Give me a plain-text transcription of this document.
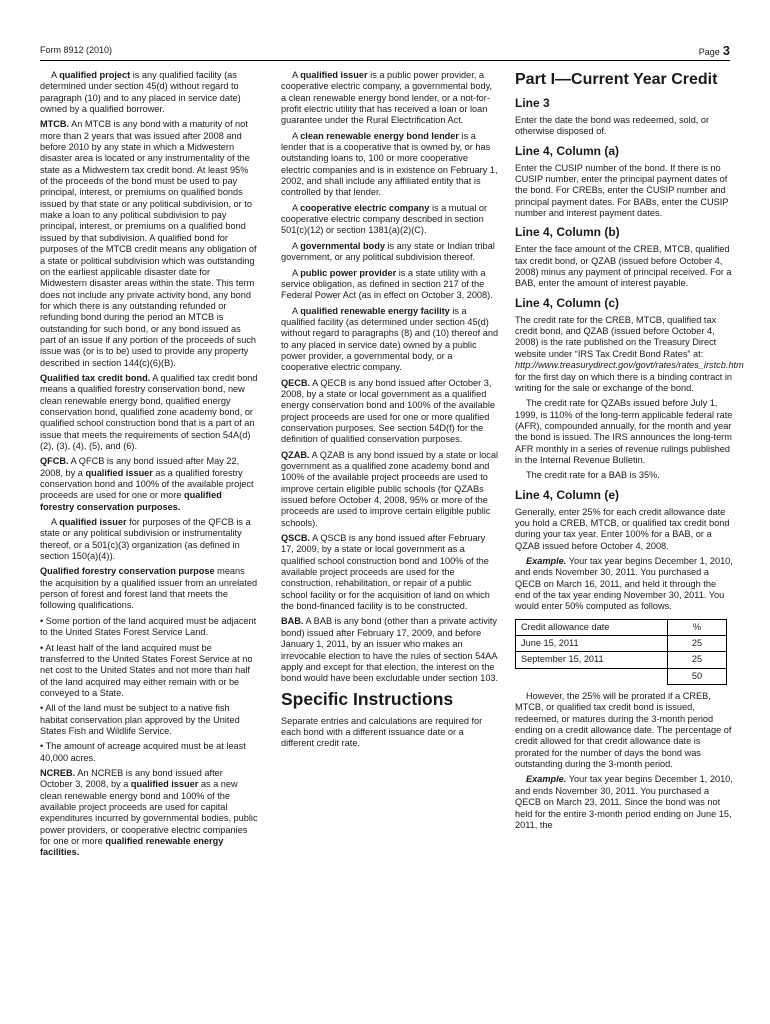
Form 8912 (2010)	Page 3

A qualified project is any qualified facility (as determined under section 45(d) without regard to paragraph (10) and to any placed in service date) owned by a qualified borrower.

MTCB. An MTCB is any bond with a maturity of not more than 2 years that was issued after 2008 and before 2010 by any state in which a Midwestern disaster area is located or any instrumentality of the state as a Midwestern tax credit bond. At least 95% of the proceeds of the bond must be used to pay principal, interest, or premiums on qualified bonds issued by that state or any political subdivision, or to make a loan to any political subdivision to pay principal, interest, or premiums on a qualified bond issued by that subdivision. A qualified bond for purposes of the MTCB credit means any obligation of a state or political subdivision which was outstanding on the earliest applicable disaster date for Midwestern disaster areas within the state. This term does not include any private activity bond, any bond for which there is any outstanding refunded or refunding bond during the period an MTCB is outstanding for such bond, or any bond issued as part of an issue if any portion of the proceeds of such issue was (or is to be) used to provide any property described in section 144(c)(6)(B).

Qualified tax credit bond. A qualified tax credit bond means a qualified forestry conservation bond, new clean renewable energy bond, qualified energy conservation bond, qualified zone academy bond, or qualified school construction bond that is a part of an issue that meets the requirements of section 54A(d)(2), (3), (4), (5), and (6).

QFCB. A QFCB is any bond issued after May 22, 2008, by a qualified issuer as a qualified forestry conservation bond and 100% of the available project proceeds are used for one or more qualified forestry conservation purposes.

A qualified issuer for purposes of the QFCB is a state or any political subdivision or instrumentality thereof, or a 501(c)(3) organization (as defined in section 150(a)(4)).

Qualified forestry conservation purpose means the acquisition by a qualified issuer from an unrelated person of forest and forest land that meets the following qualifications.

• Some portion of the land acquired must be adjacent to the United States Forest Service Land.

• At least half of the land acquired must be transferred to the United States Forest Service at no net cost to the United States and not more than half of the land acquired may either remain with or be conveyed to a State.

• All of the land must be subject to a native fish habitat conservation plan approved by the United States Fish and Wildlife Service.

• The amount of acreage acquired must be at least 40,000 acres.

NCREB. An NCREB is any bond issued after October 3, 2008, by a qualified issuer as a new clean renewable energy bond and 100% of the available project proceeds are used for capital expenditures incurred by governmental bodies, public power providers, or cooperative electric companies for one or more qualified renewable energy facilities.

A qualified issuer is a public power provider, a cooperative electric company, a governmental body, a clean renewable energy bond lender, or a not-for-profit electric utility that has received a loan or loan guarantee under the Rural Electrification Act.

A clean renewable energy bond lender is a lender that is a cooperative that is owned by, or has outstanding loans to, 100 or more cooperative electric companies and is in existence on February 1, 2002, and shall include any affiliated entity that is controlled by that lender.

A cooperative electric company is a mutual or cooperative electric company described in section 501(c)(12) or section 1381(a)(2)(C).

A governmental body is any state or Indian tribal government, or any political subdivision thereof.

A public power provider is a state utility with a service obligation, as defined in section 217 of the Federal Power Act (as in effect on October 3, 2008).

A qualified renewable energy facility is a qualified facility (as determined under section 45(d) without regard to paragraphs (8) and (10) thereof and to any placed in service date) owned by a public power provider, a governmental body, or a cooperative electric company.

QECB. A QECB is any bond issued after October 3, 2008, by a state or local government as a qualified energy conservation bond and 100% of the available project proceeds are used for one or more qualified conservation purposes. See section 54D(f) for the definition of qualified conservation purposes.

QZAB. A QZAB is any bond issued by a state or local government as a qualified zone academy bond and 100% of the available project proceeds are used to improve certain eligible public schools (for QZABs issued before October 4, 2008, 95% or more of the proceeds are used to improve certain eligible public schools).

QSCB. A QSCB is any bond issued after February 17, 2009, by a state or local government as a qualified school construction bond and 100% of the available project proceeds are used for the construction, rehabilitation, or repair of a public school facility or for the acquisition of land on which the bond-financed facility is to be constructed.

BAB. A BAB is any bond (other than a private activity bond) issued after February 17, 2009, and before January 1, 2011, by an issuer who makes an irrevocable election to have the rules of section 54AA apply and except for that election, the interest on the bond would have been excludable under section 103.

Specific Instructions

Separate entries and calculations are required for each bond with a different issuance date or a different credit rate.

Part I—Current Year Credit
Line 3

Enter the date the bond was redeemed, sold, or otherwise disposed of.

Line 4, Column (a)

Enter the CUSIP number of the bond. If there is no CUSIP number, enter the principal payment dates of the bond. For CREBs, enter the CUSIP number and principal payment dates. For BABs, enter the CUSIP number and interest payment dates.

Line 4, Column (b)

Enter the face amount of the CREB, MTCB, qualified tax credit bond, or QZAB (issued before October 4, 2008) minus any payment of principal received. For a BAB, enter the amount of interest payable.

Line 4, Column (c)

The credit rate for the CREB, MTCB, qualified tax credit bond, and QZAB (issued before October 4, 2008) is the rate published on the Treasury Direct website under “IRS Tax Credit Bond Rates” at: http://www.treasurydirect.gov/govt/rates/rates_irstcb.htm for the first day on which there is a binding contract in writing for the sale or exchange of the bond.

The credit rate for QZABs issued before July 1, 1999, is 110% of the long-term applicable federal rate (AFR), compounded annually, for the month and year the bond is issued. The IRS announces the long-term AFR monthly in a series of revenue rulings published in the Internal Revenue Bulletin.

The credit rate for a BAB is 35%.

Line 4, Column (e)

Generally, enter 25% for each credit allowance date you hold a CREB, MTCB, or qualified tax credit bond during your tax year. Enter 100% for a BAB, or a QZAB issued before October 4, 2008.

Example. Your tax year begins December 1, 2010, and ends November 30, 2011. You purchased a QECB on March 16, 2011, and held it through the end of the tax year ending November 30, 2011. You would enter 50% computed as follows.

Credit allowance date	%
June 15, 2011	25
September 15, 2011	25
	50

However, the 25% will be prorated if a CREB, MTCB, or qualified tax credit bond is issued, redeemed, or matures during the 3-month period ending on a credit allowance date. The percentage of credit allowed for that credit allowance date is prorated for the number of days the bond was outstanding during the 3-month period.

Example. Your tax year begins December 1, 2010, and ends November 30, 2011. You purchased a QECB on March 23, 2011. Since the bond was not held for the entire 3-month period ending on June 15, 2011, the
